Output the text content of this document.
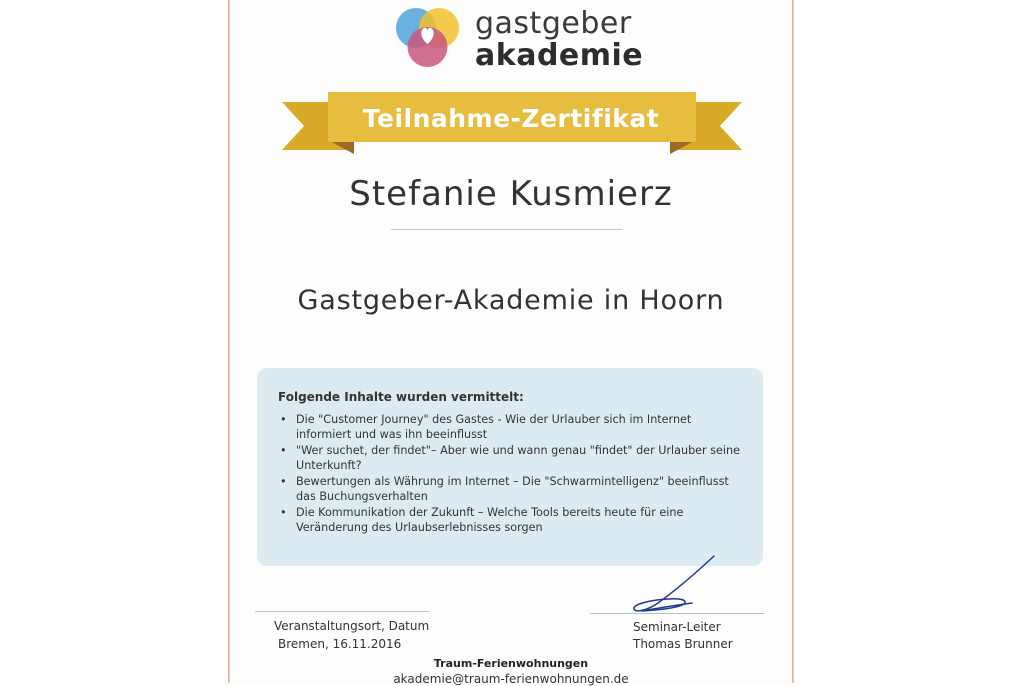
gastgeber
akademie
Teilnahme-Zertifikat
Stefanie Kusmierz
Gastgeber-Akademie in Hoorn
Folgende Inhalte wurden vermittelt:
• Die "Customer Journey" des Gastes - Wie der Urlauber sich im Internet informiert und was ihn beeinflusst
• "Wer suchet, der findet"– Aber wie und wann genau "findet" der Urlauber seine Unterkunft?
• Bewertungen als Währung im Internet – Die "Schwarmintelligenz" beeinflusst das Buchungsverhalten
• Die Kommunikation der Zukunft – Welche Tools bereits heute für eine Veränderung des Urlaubserlebnisses sorgen
Veranstaltungsort, Datum
Bremen, 16.11.2016
Seminar-Leiter
Thomas Brunner
Traum-Ferienwohnungen
akademie@traum-ferienwohnungen.de
